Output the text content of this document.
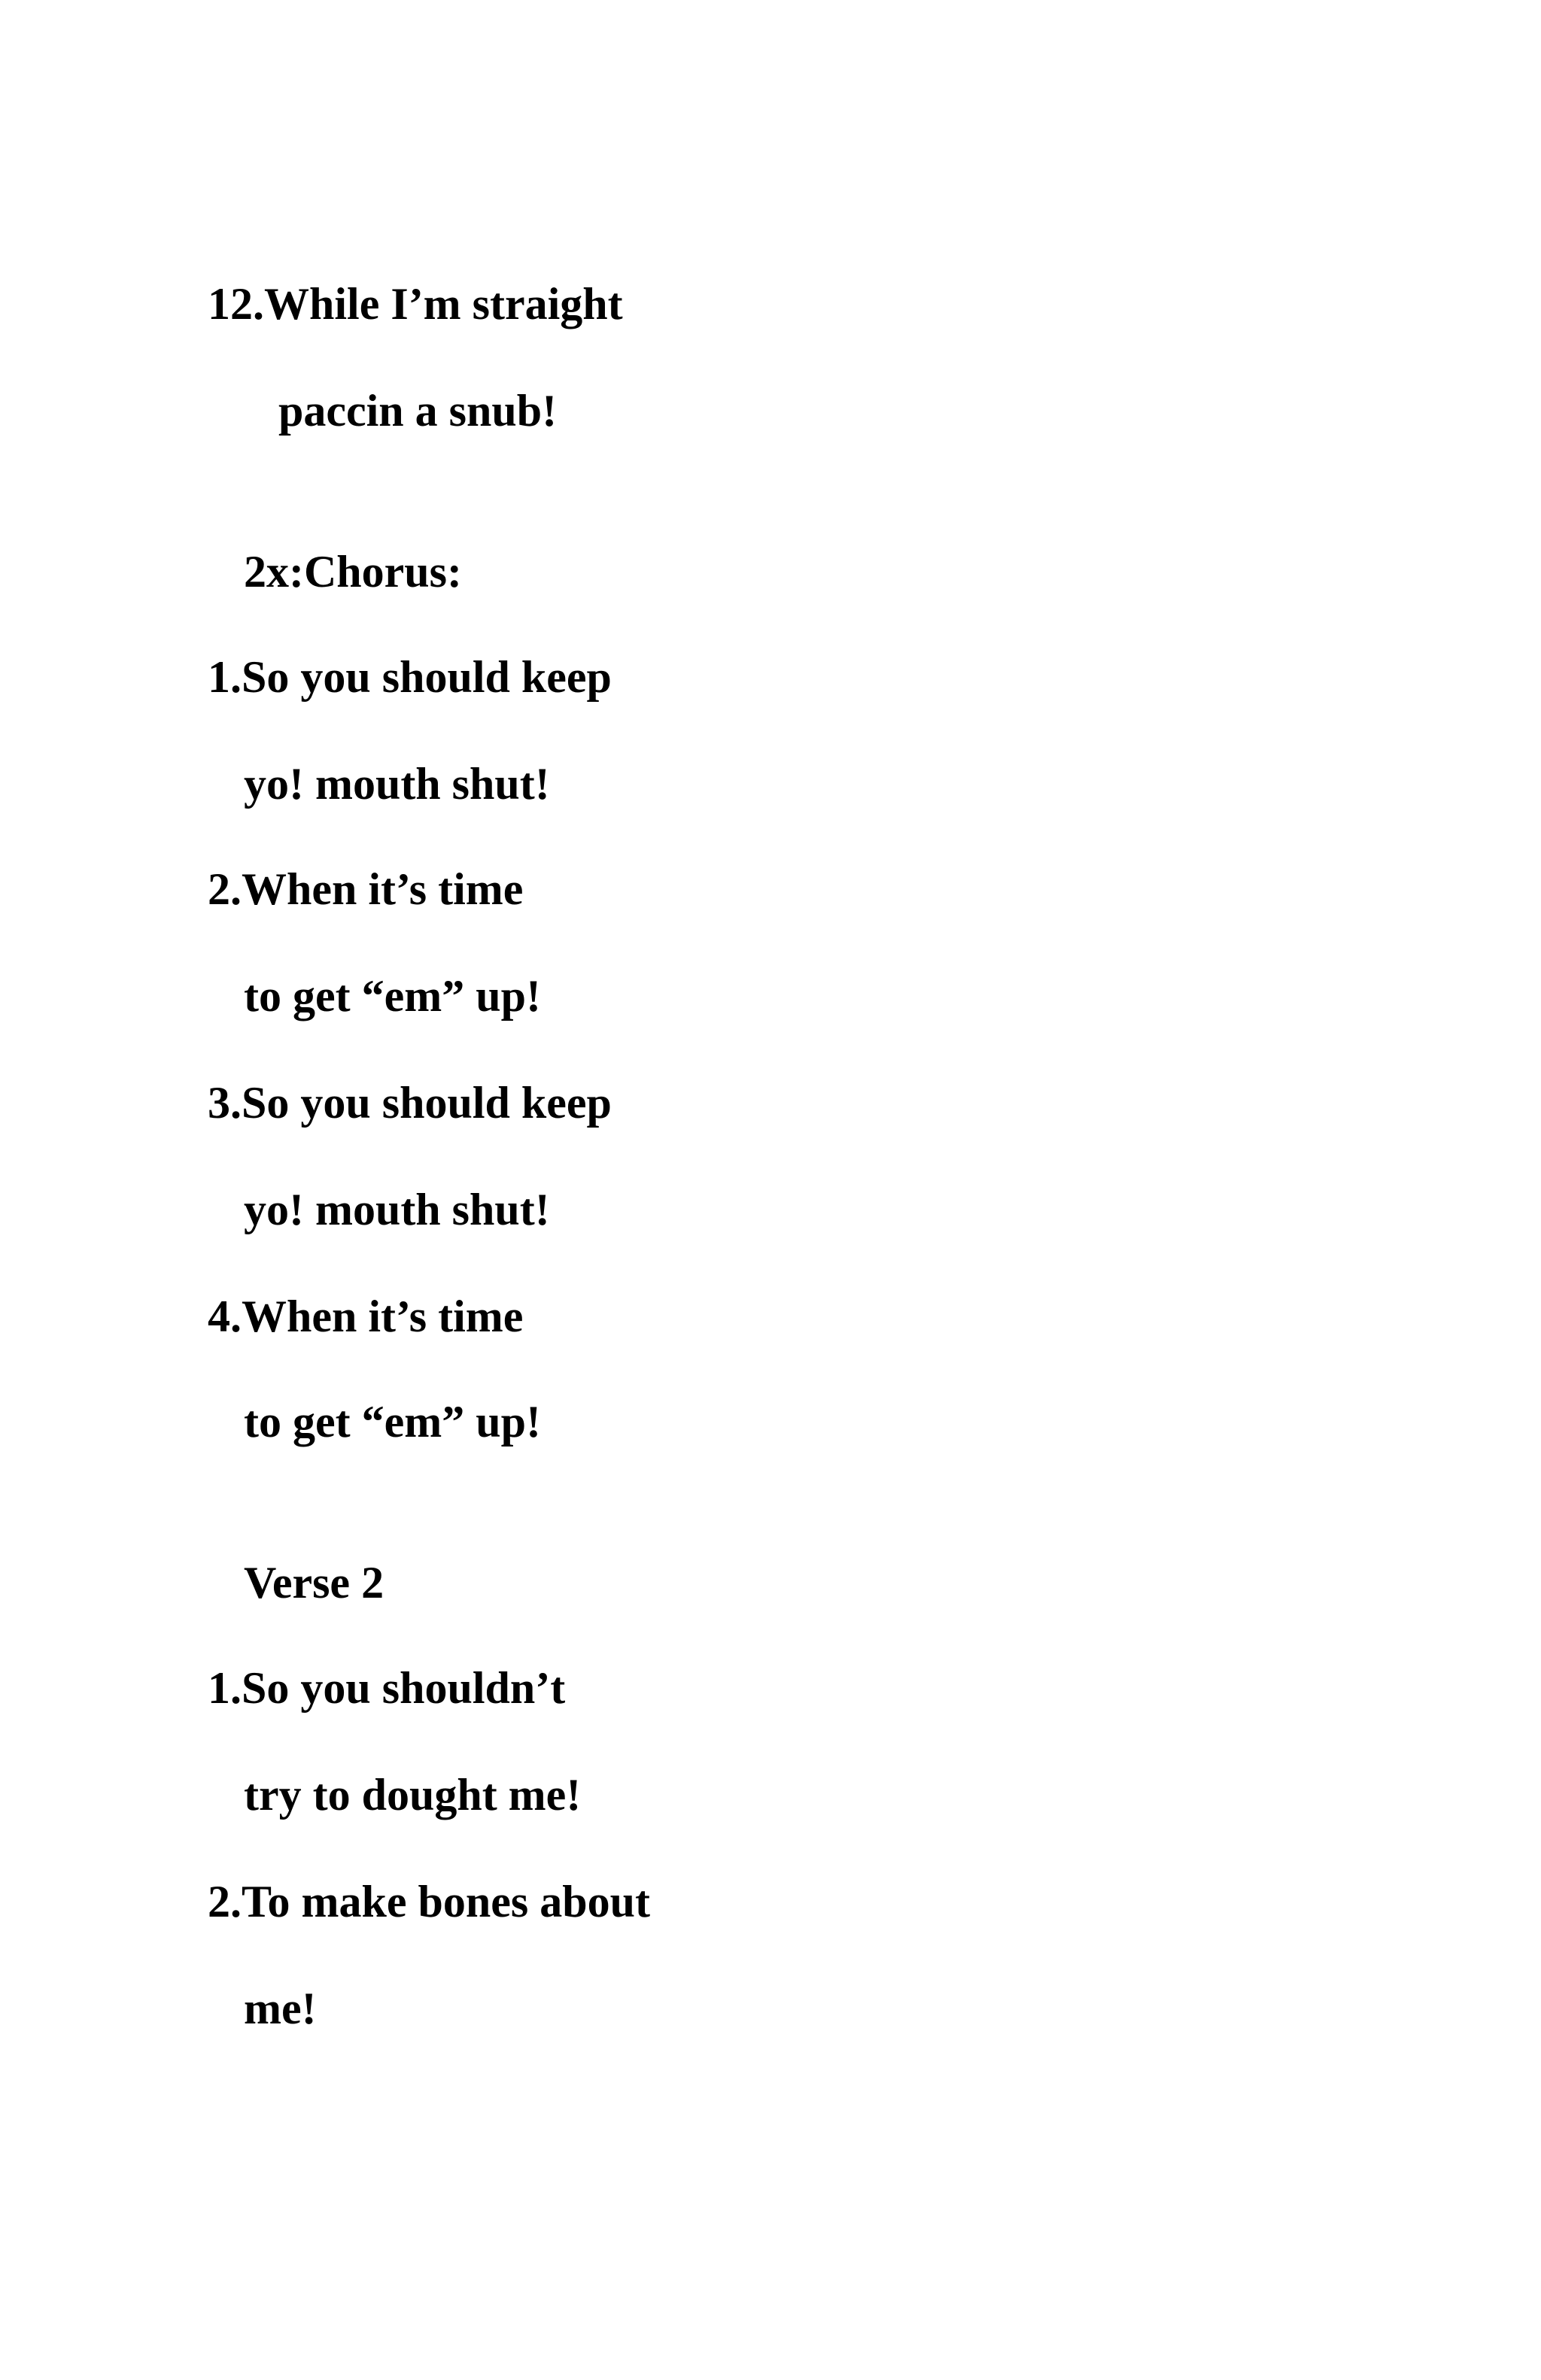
12.While I’m straight
paccin a snub!
2x:Chorus:
1.So you should keep
yo! mouth shut!
2.When it’s time
to get “em” up!
3.So you should keep
yo! mouth shut!
4.When it’s time
to get “em” up!
Verse 2
1.So you shouldn’t
try to dought me!
2.To make bones about
me!
